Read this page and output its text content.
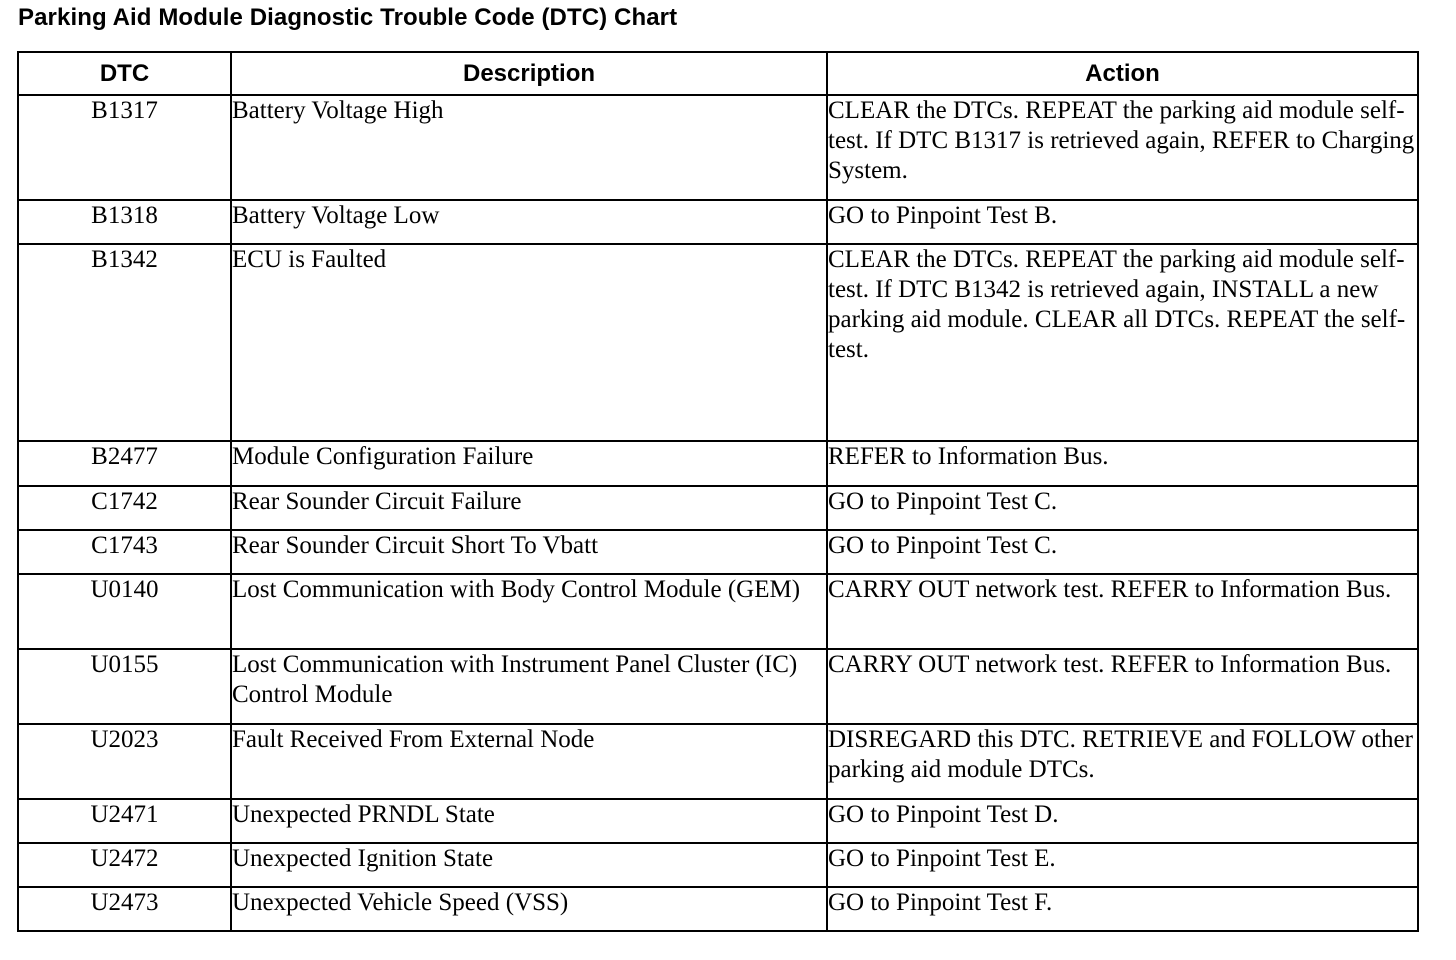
Parking Aid Module Diagnostic Trouble Code (DTC) Chart
DTC	Description	Action
B1317	Battery Voltage High	CLEAR the DTCs. REPEAT the parking aid module self-test. If DTC B1317 is retrieved again, REFER to Charging System.
B1318	Battery Voltage Low	GO to Pinpoint Test B.
B1342	ECU is Faulted	CLEAR the DTCs. REPEAT the parking aid module self-test. If DTC B1342 is retrieved again, INSTALL a new parking aid module. CLEAR all DTCs. REPEAT the self-test.
B2477	Module Configuration Failure	REFER to Information Bus.
C1742	Rear Sounder Circuit Failure	GO to Pinpoint Test C.
C1743	Rear Sounder Circuit Short To Vbatt	GO to Pinpoint Test C.
U0140	Lost Communication with Body Control Module (GEM)	CARRY OUT network test. REFER to Information Bus.
U0155	Lost Communication with Instrument Panel Cluster (IC) Control Module	CARRY OUT network test. REFER to Information Bus.
U2023	Fault Received From External Node	DISREGARD this DTC. RETRIEVE and FOLLOW other parking aid module DTCs.
U2471	Unexpected PRNDL State	GO to Pinpoint Test D.
U2472	Unexpected Ignition State	GO to Pinpoint Test E.
U2473	Unexpected Vehicle Speed (VSS)	GO to Pinpoint Test F.
